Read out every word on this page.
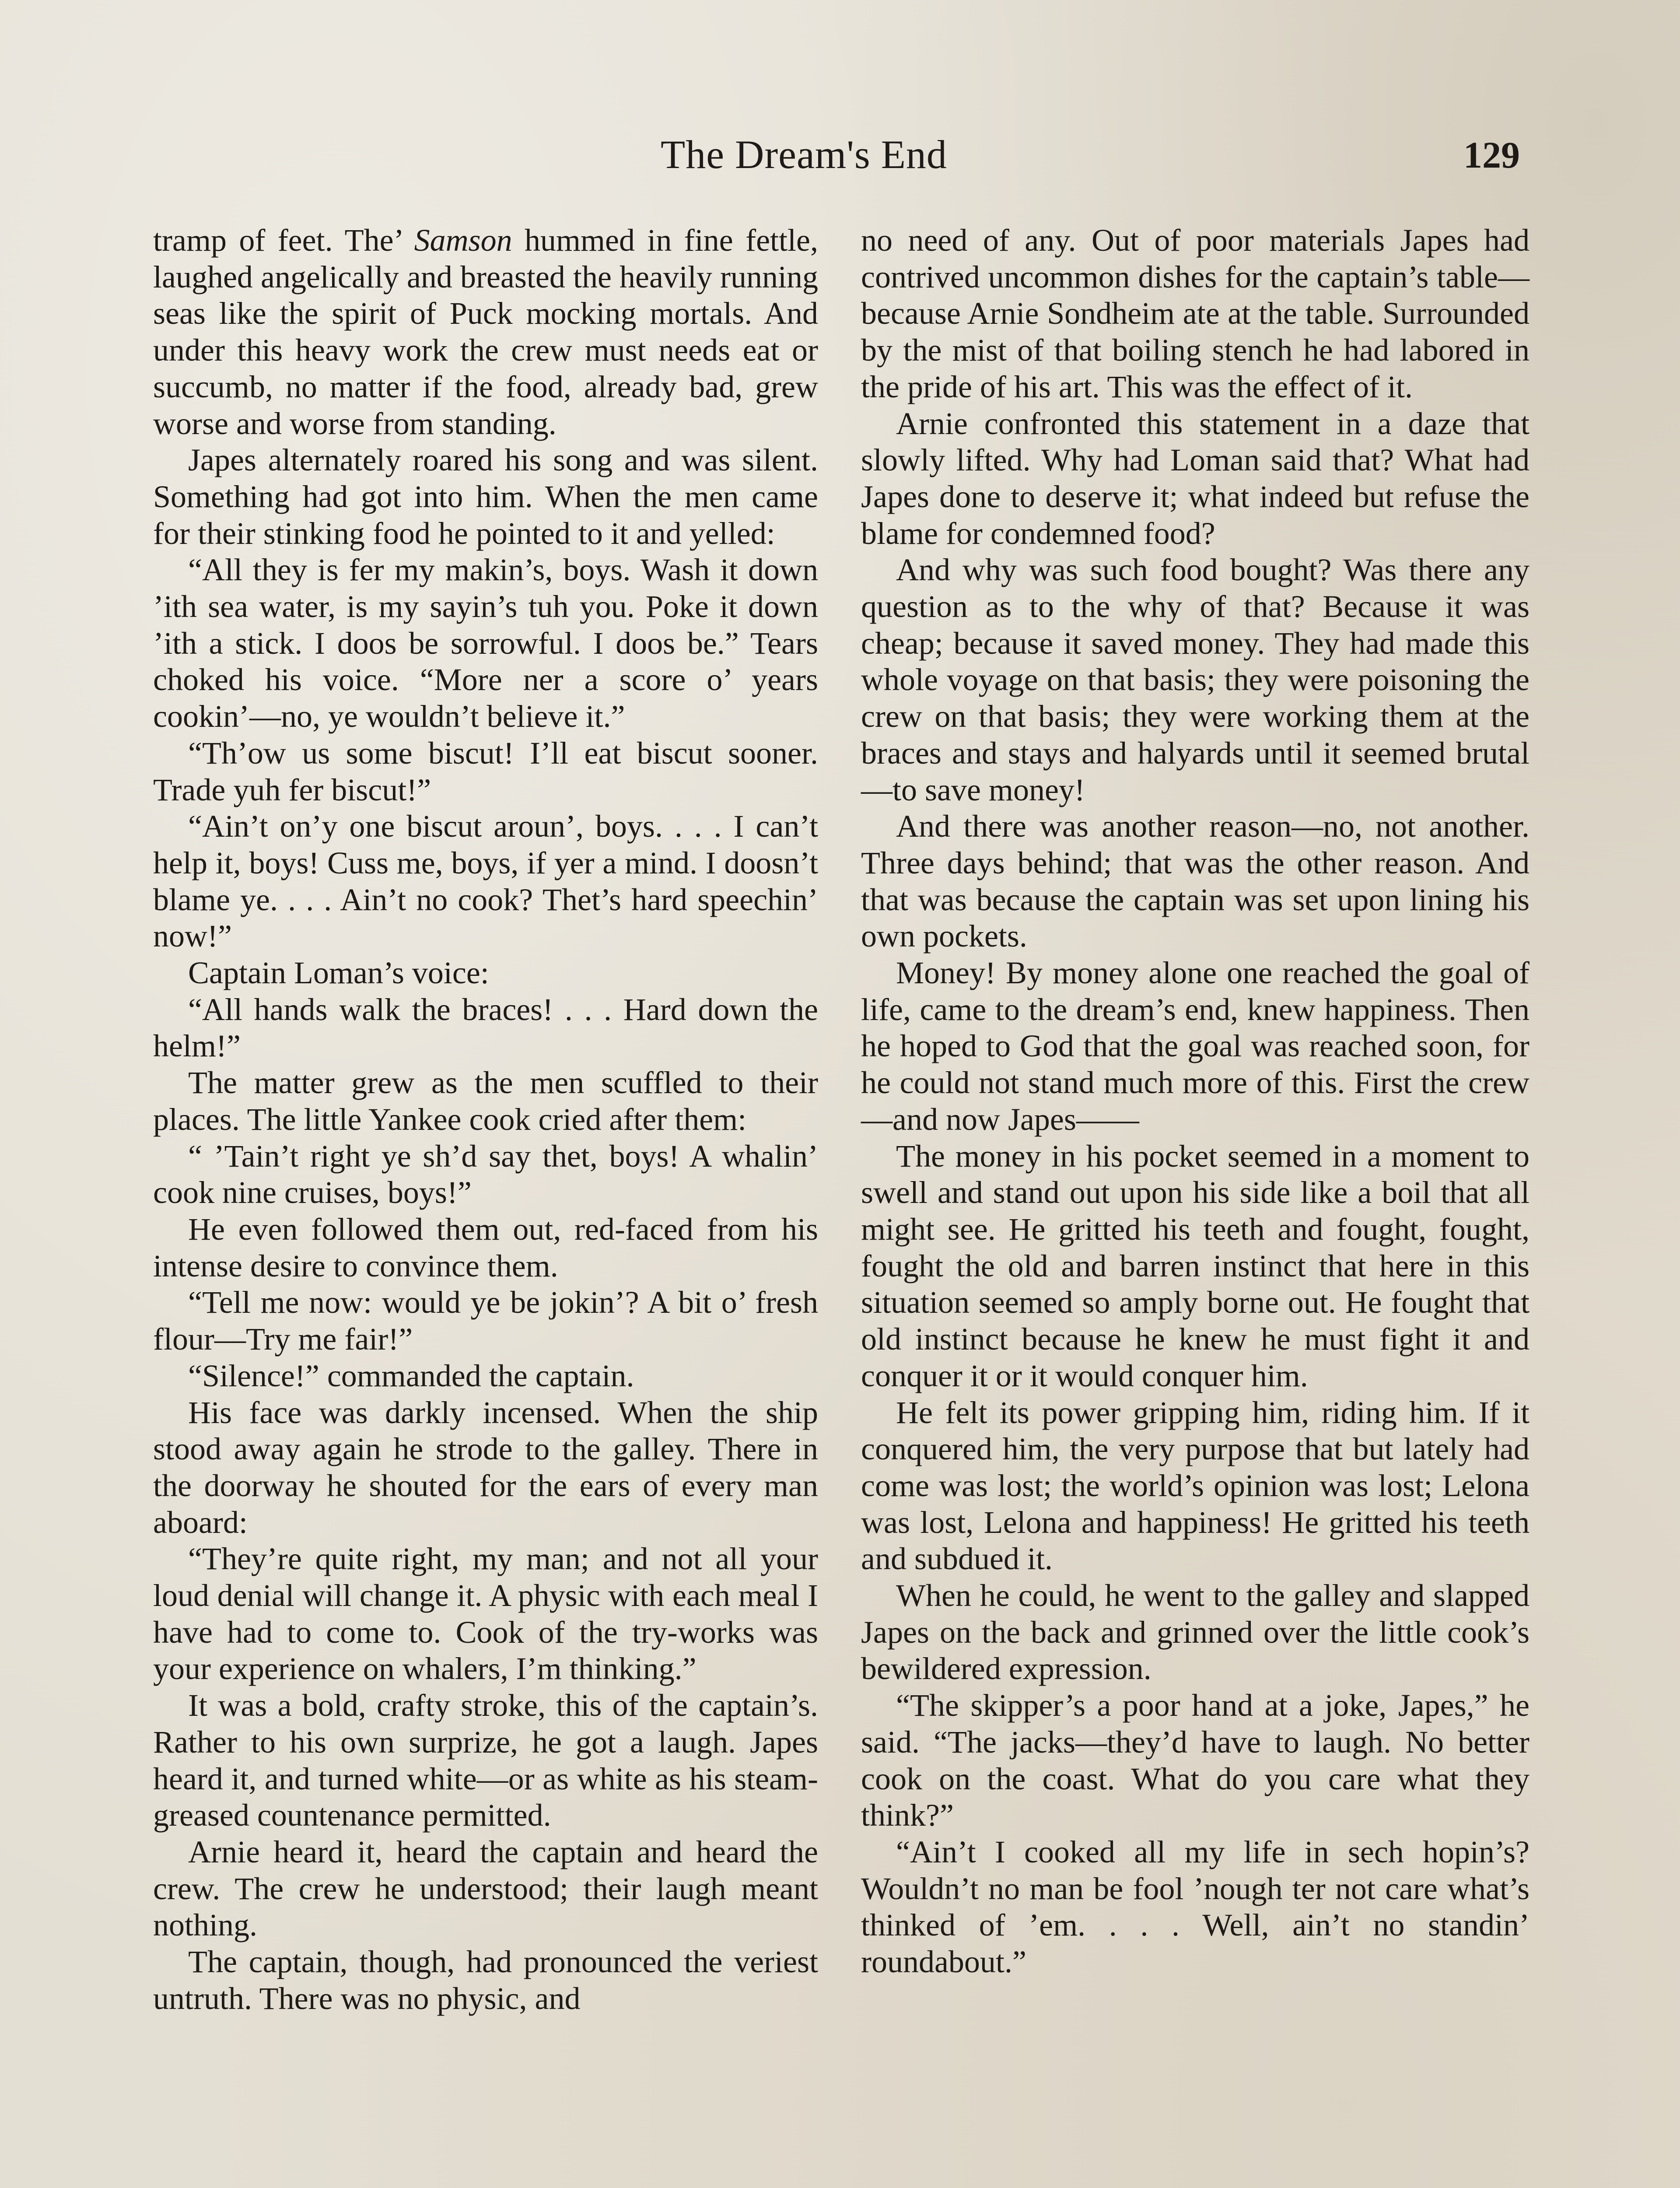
The Dream's End	129

tramp of feet. The’ Samson hummed in fine fettle, laughed angelically and breasted the heavily running seas like the spirit of Puck mocking mortals. And under this heavy work the crew must needs eat or succumb, no matter if the food, already bad, grew worse and worse from standing.

Japes alternately roared his song and was silent. Something had got into him. When the men came for their stinking food he pointed to it and yelled:

“All they is fer my makin’s, boys. Wash it down ’ith sea water, is my sayin’s tuh you. Poke it down ’ith a stick. I doos be sorrowful. I doos be.” Tears choked his voice. “More ner a score o’ years cookin’—no, ye wouldn’t believe it.”

“Th’ow us some biscut! I’ll eat biscut sooner. Trade yuh fer biscut!”

“Ain’t on’y one biscut aroun’, boys. . . . I can’t help it, boys! Cuss me, boys, if yer a mind. I doosn’t blame ye. . . . Ain’t no cook? Thet’s hard speechin’ now!”

Captain Loman’s voice:

“All hands walk the braces! . . . Hard down the helm!”

The matter grew as the men scuffled to their places. The little Yankee cook cried after them:

“ ’Tain’t right ye sh’d say thet, boys! A whalin’ cook nine cruises, boys!”

He even followed them out, red-faced from his intense desire to convince them.

“Tell me now: would ye be jokin’? A bit o’ fresh flour—Try me fair!”

“Silence!” commanded the captain.

His face was darkly incensed. When the ship stood away again he strode to the galley. There in the doorway he shouted for the ears of every man aboard:

“They’re quite right, my man; and not all your loud denial will change it. A physic with each meal I have had to come to. Cook of the try-works was your experience on whalers, I’m thinking.”

It was a bold, crafty stroke, this of the captain’s. Rather to his own surprize, he got a laugh. Japes heard it, and turned white—or as white as his steam-greased countenance permitted.

Arnie heard it, heard the captain and heard the crew. The crew he understood; their laugh meant nothing.

The captain, though, had pronounced the veriest untruth. There was no physic, and

no need of any. Out of poor materials Japes had contrived uncommon dishes for the captain’s table—because Arnie Sondheim ate at the table. Surrounded by the mist of that boiling stench he had labored in the pride of his art. This was the effect of it.

Arnie confronted this statement in a daze that slowly lifted. Why had Loman said that? What had Japes done to deserve it; what indeed but refuse the blame for condemned food?

And why was such food bought? Was there any question as to the why of that? Because it was cheap; because it saved money. They had made this whole voyage on that basis; they were poisoning the crew on that basis; they were working them at the braces and stays and halyards until it seemed brutal—to save money!

And there was another reason—no, not another. Three days behind; that was the other reason. And that was because the captain was set upon lining his own pockets.

Money! By money alone one reached the goal of life, came to the dream’s end, knew happiness. Then he hoped to God that the goal was reached soon, for he could not stand much more of this. First the crew—and now Japes——

The money in his pocket seemed in a moment to swell and stand out upon his side like a boil that all might see. He gritted his teeth and fought, fought, fought the old and barren instinct that here in this situation seemed so amply borne out. He fought that old instinct because he knew he must fight it and conquer it or it would conquer him.

He felt its power gripping him, riding him. If it conquered him, the very purpose that but lately had come was lost; the world’s opinion was lost; Lelona was lost, Lelona and happiness! He gritted his teeth and subdued it.

When he could, he went to the galley and slapped Japes on the back and grinned over the little cook’s bewildered expression.

“The skipper’s a poor hand at a joke, Japes,” he said. “The jacks—they’d have to laugh. No better cook on the coast. What do you care what they think?”

“Ain’t I cooked all my life in sech hopin’s? Wouldn’t no man be fool ’nough ter not care what’s thinked of ’em. . . . Well, ain’t no standin’ roundabout.”
